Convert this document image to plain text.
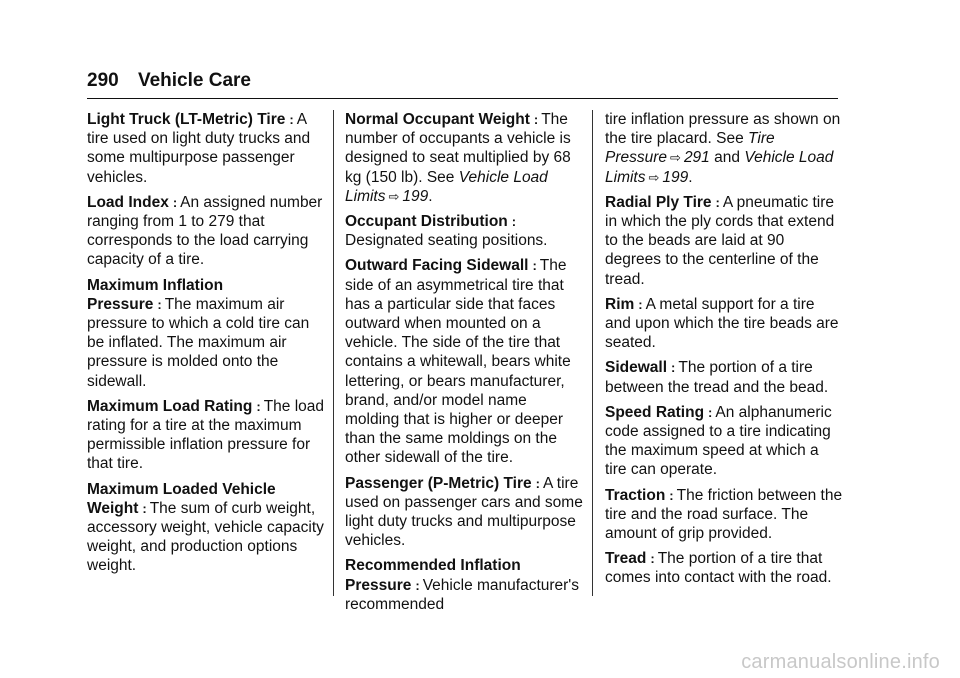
290 Vehicle Care

Light Truck (LT-Metric) Tire : A tire used on light duty trucks and some multipurpose passenger vehicles.

Load Index : An assigned number ranging from 1 to 279 that corresponds to the load carrying capacity of a tire.

Maximum Inflation Pressure : The maximum air pressure to which a cold tire can be inflated. The maximum air pressure is molded onto the sidewall.

Maximum Load Rating : The load rating for a tire at the maximum permissible inflation pressure for that tire.

Maximum Loaded Vehicle Weight : The sum of curb weight, accessory weight, vehicle capacity weight, and production options weight.

Normal Occupant Weight : The number of occupants a vehicle is designed to seat multiplied by 68 kg (150 lb). See Vehicle Load Limits ⇨ 199.

Occupant Distribution :
Designated seating positions.

Outward Facing Sidewall : The side of an asymmetrical tire that has a particular side that faces outward when mounted on a vehicle. The side of the tire that contains a whitewall, bears white lettering, or bears manufacturer, brand, and/or model name molding that is higher or deeper than the same moldings on the other sidewall of the tire.

Passenger (P-Metric) Tire : A tire used on passenger cars and some light duty trucks and multipurpose vehicles.

Recommended Inflation Pressure : Vehicle manufacturer's recommended

tire inflation pressure as shown on the tire placard. See Tire Pressure ⇨ 291 and Vehicle Load Limits ⇨ 199.

Radial Ply Tire : A pneumatic tire in which the ply cords that extend to the beads are laid at 90 degrees to the centerline of the tread.

Rim : A metal support for a tire and upon which the tire beads are seated.

Sidewall : The portion of a tire between the tread and the bead.

Speed Rating : An alphanumeric code assigned to a tire indicating the maximum speed at which a tire can operate.

Traction : The friction between the tire and the road surface. The amount of grip provided.

Tread : The portion of a tire that comes into contact with the road.

carmanualsonline.info
